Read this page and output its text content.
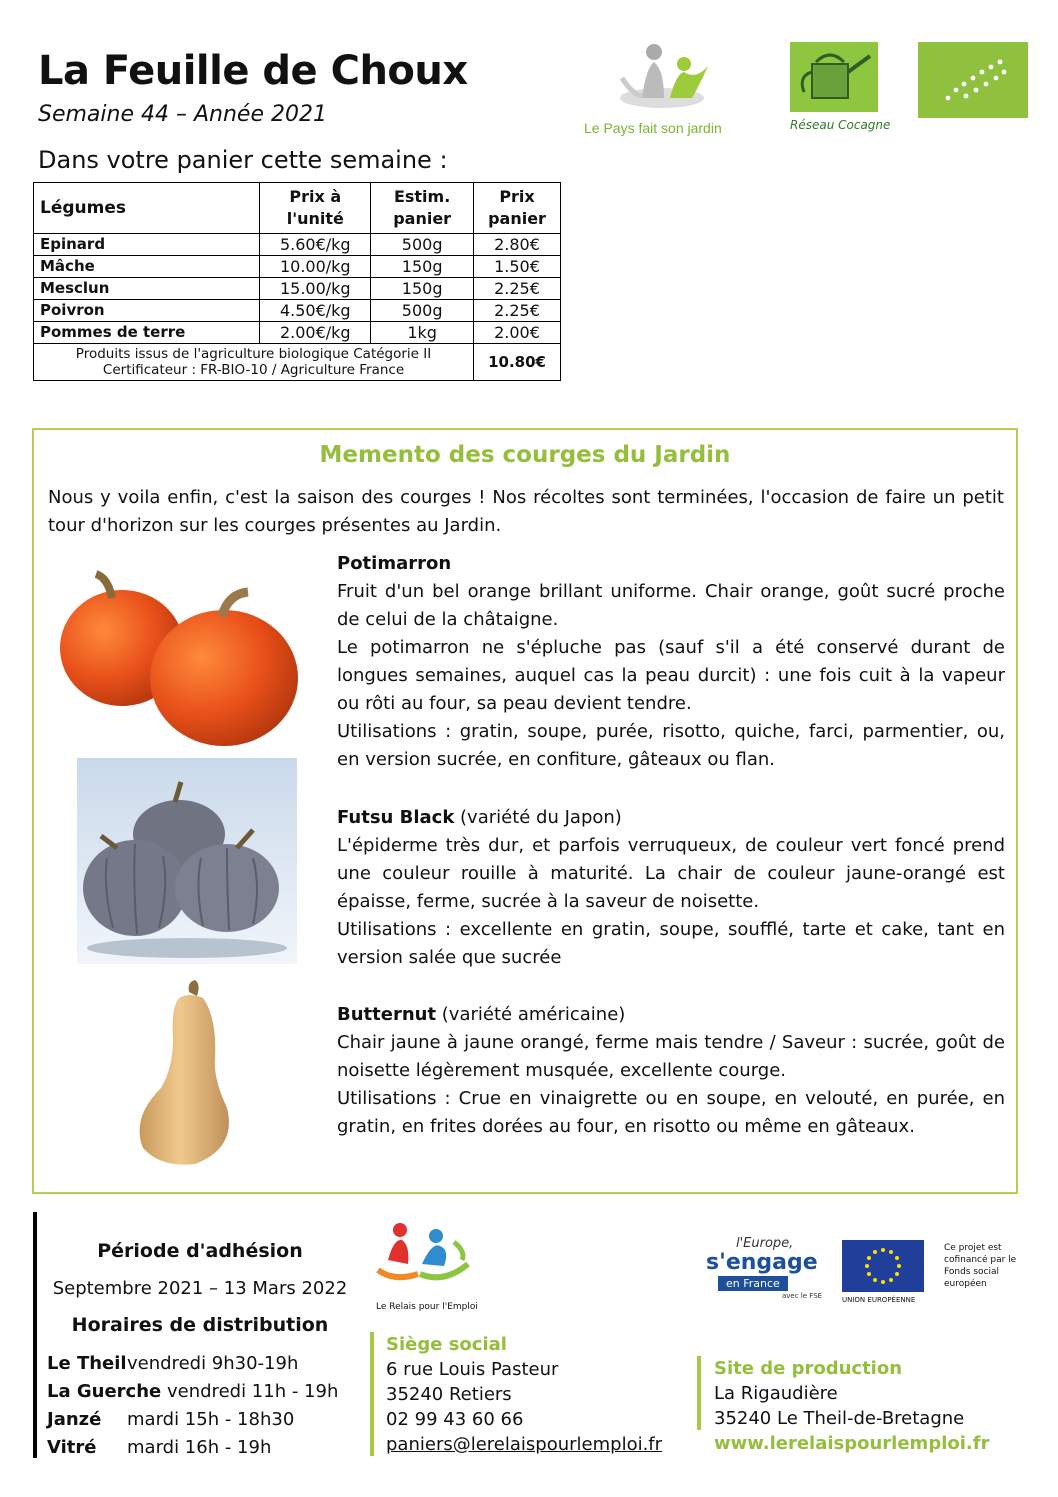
La Feuille de Choux
Semaine 44 – Année 2021
Dans votre panier cette semaine :
Le Pays fait son jardin	Réseau Cocagne
Légumes	Prix à l'unité	Estim. panier	Prix panier
Epinard	5.60€/kg	500g	2.80€
Mâche	10.00/kg	150g	1.50€
Mesclun	15.00/kg	150g	2.25€
Poivron	4.50€/kg	500g	2.25€
Pommes de terre	2.00€/kg	1kg	2.00€

Produits issus de l'agriculture biologique Catégorie II
Certificateur : FR-BIO-10 / Agriculture France			10.80€
Memento des courges du Jardin
Nous y voila enfin, c'est la saison des courges ! Nos récoltes sont terminées, l'occasion de faire un petit tour d'horizon sur les courges présentes au Jardin.
Potimarron
Fruit d'un bel orange brillant uniforme. Chair orange, goût sucré proche de celui de la châtaigne.
Le potimarron ne s'épluche pas (sauf s'il a été conservé durant de longues semaines, auquel cas la peau durcit) : une fois cuit à la vapeur ou rôti au four, sa peau devient tendre.
Utilisations : gratin, soupe, purée, risotto, quiche, farci, parmentier, ou, en version sucrée, en confiture, gâteaux ou flan.
Futsu Black (variété du Japon)
L'épiderme très dur, et parfois verruqueux, de couleur vert foncé prend une couleur rouille à maturité. La chair de couleur jaune-orangé est épaisse, ferme, sucrée à la saveur de noisette.
Utilisations : excellente en gratin, soupe, soufflé, tarte et cake, tant en version salée que sucrée
Butternut (variété américaine)
Chair jaune à jaune orangé, ferme mais tendre / Saveur : sucrée, goût de noisette légèrement musquée, excellente courge.
Utilisations : Crue en vinaigrette ou en soupe, en velouté, en purée, en gratin, en frites dorées au four, en risotto ou même en gâteaux.
Période d'adhésion
Septembre 2021 – 13 Mars 2022
Horaires de distribution
Le Theilvendredi 9h30-19h
La Guerche vendredi 11h - 19h
Janzé mardi 15h - 18h30
Vitré mardi 16h - 19h
Le Relais pour l'Emploi
Siège social
6 rue Louis Pasteur
35240 Retiers
02 99 43 60 66
paniers@lerelaispourlemploi.fr
l'Europe,
s'engage
en France
avec le FSE	UNION EUROPÉENNE
Ce projet est cofinancé par le Fonds social européen
Site de production
La Rigaudière
35240 Le Theil-de-Bretagne
www.lerelaispourlemploi.fr
